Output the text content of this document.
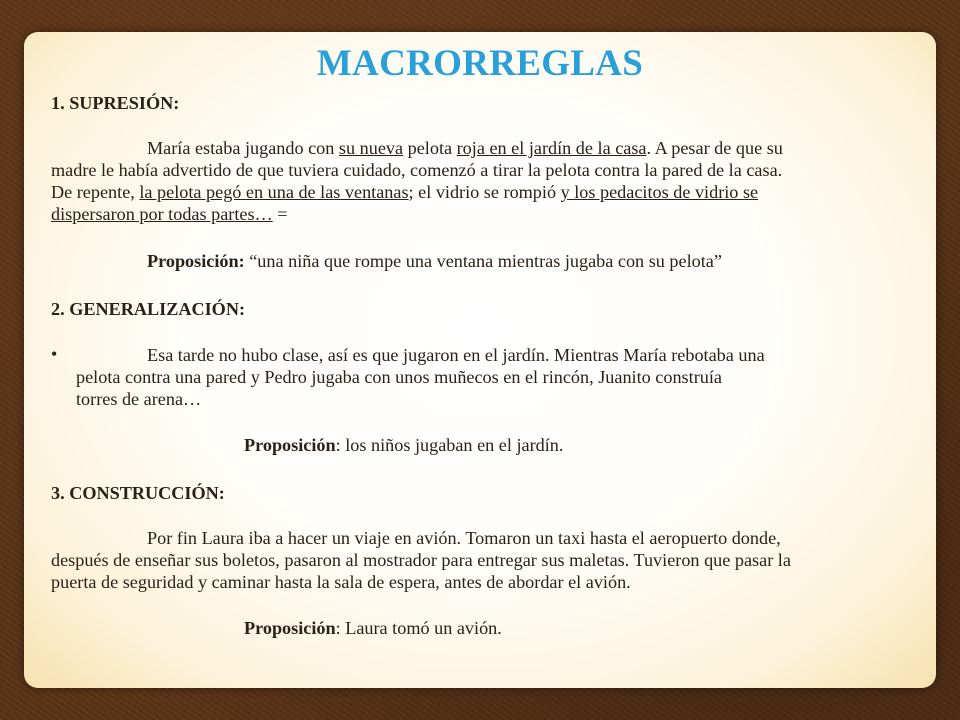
MACRORREGLAS
1. SUPRESIÓN:
María estaba jugando con su nueva pelota roja en el jardín de la casa. A pesar de que su
madre le había advertido de que tuviera cuidado, comenzó a tirar la pelota contra la pared de la casa.
De repente, la pelota pegó en una de las ventanas; el vidrio se rompió y los pedacitos de vidrio se
dispersaron por todas partes… =
Proposición: “una niña que rompe una ventana mientras jugaba con su pelota”
2. GENERALIZACIÓN:
•	Esa tarde no hubo clase, así es que jugaron en el jardín. Mientras María rebotaba una
pelota contra una pared y Pedro jugaba con unos muñecos en el rincón, Juanito construía
torres de arena…
Proposición: los niños jugaban en el jardín.
3. CONSTRUCCIÓN:
Por fin Laura iba a hacer un viaje en avión. Tomaron un taxi hasta el aeropuerto donde,
después de enseñar sus boletos, pasaron al mostrador para entregar sus maletas. Tuvieron que pasar la
puerta de seguridad y caminar hasta la sala de espera, antes de abordar el avión.
Proposición: Laura tomó un avión.
